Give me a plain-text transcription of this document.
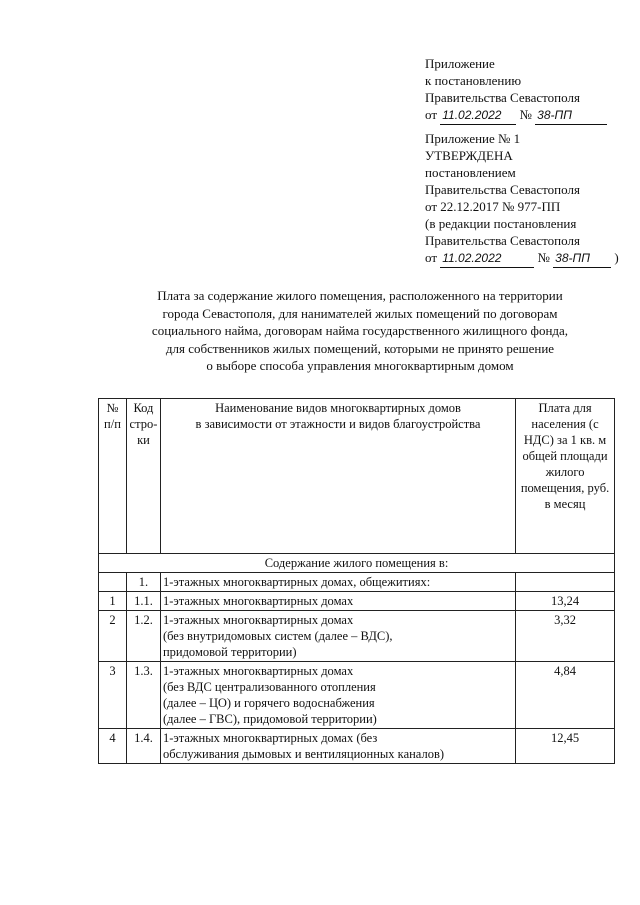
Приложение
к постановлению
Правительства Севастополя
от 11.02.2022 № 38-ПП
Приложение № 1
УТВЕРЖДЕНА
постановлением
Правительства Севастополя
от 22.12.2017 № 977-ПП
(в редакции постановления
Правительства Севастополя
от 11.02.2022	№ 38-ПП )
Плата за содержание жилого помещения, расположенного на территории
города Севастополя, для нанимателей жилых помещений по договорам
социального найма, договорам найма государственного жилищного фонда,
для собственников жилых помещений, которыми не принято решение
о выборе способа управления многоквартирным домом
№ п/п	Код стро-ки	Наименование видов многоквартирных домов
в зависимости от этажности и видов благоустройства	Плата для населения (с НДС) за 1 кв. м общей площади жилого помещения, руб. в месяц
Содержание жилого помещения в:			
	1.	1-этажных многоквартирных домах, общежитиях:	
1	1.1.	1-этажных многоквартирных домах	13,24
2	1.2.	1-этажных многоквартирных домах
(без внутридомовых систем (далее – ВДС),
придомовой территории)	3,32
3	1.3.	1-этажных многоквартирных домах
(без ВДС централизованного отопления
(далее – ЦО) и горячего водоснабжения
(далее – ГВС), придомовой территории)	4,84
4	1.4.	1-этажных многоквартирных домах (без
обслуживания дымовых и вентиляционных каналов)	12,45
